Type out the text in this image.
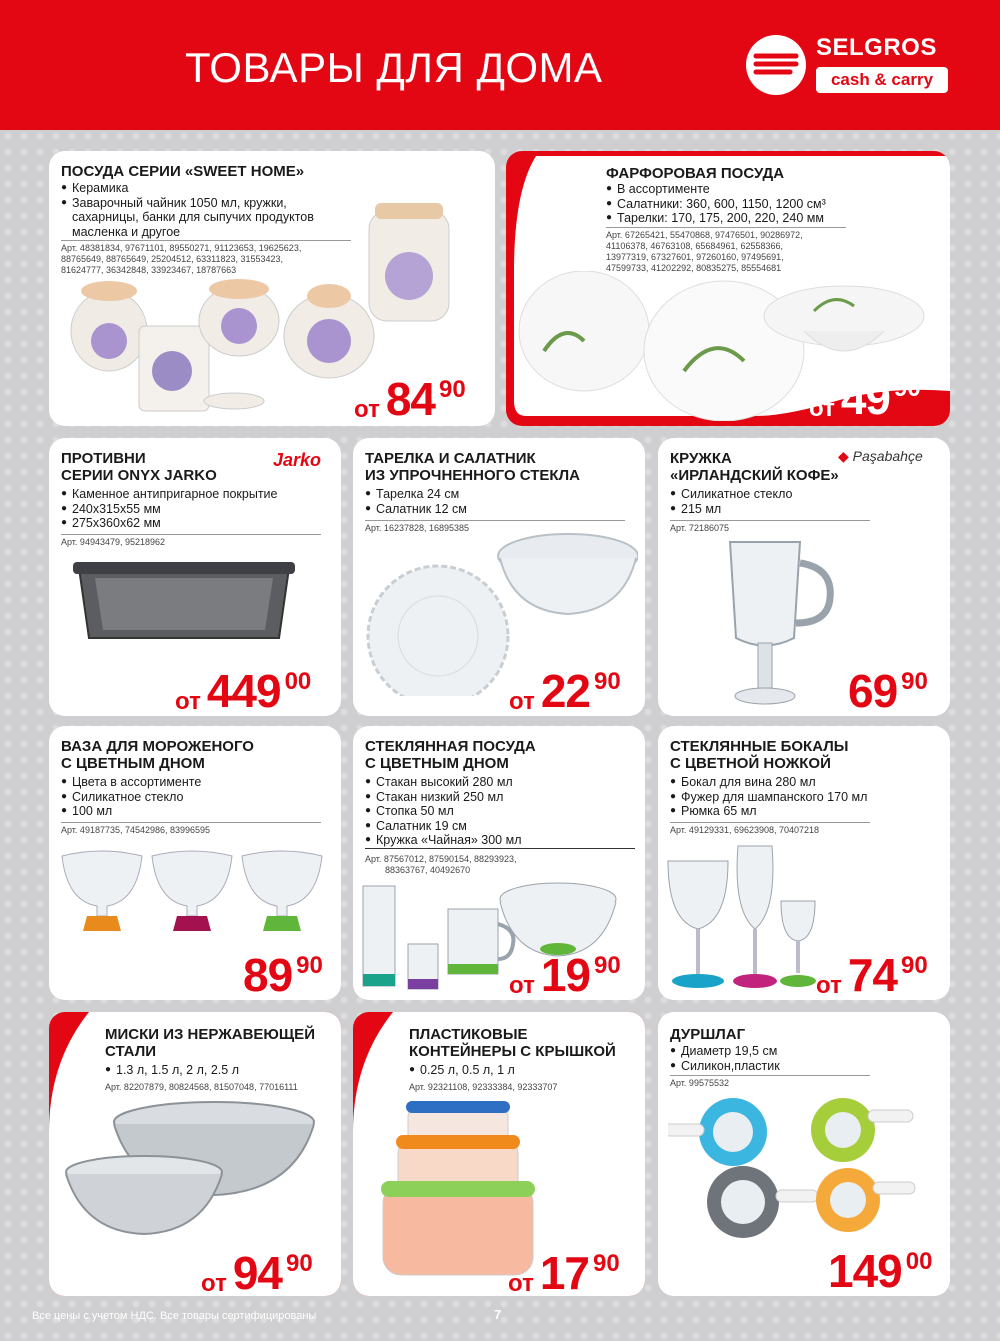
ТОВАРЫ ДЛЯ ДОМА	SELGROS
cash & carry
ПОСУДА СЕРИИ «SWEET HOME»
● Керамика
● Заварочный чайник 1050 мл, кружки, сахарницы, банки для сыпучих продуктов масленка и другое
Арт. 48381834, 97671101, 89550271, 91123653, 19625623,
88765649, 88765649, 25204512, 63311823, 31553423,
81624777, 36342848, 33923467, 18787663
от 84 90
ФАРФОРОВАЯ ПОСУДА
● В ассортименте
● Салатники: 360, 600, 1150, 1200 см³
● Тарелки: 170, 175, 200, 220, 240 мм
Арт. 67265421, 55470868, 97476501, 90286972,
41106378, 46763108, 65684961, 62558366,
13977319, 67327601, 97260160, 97495691,
47599733, 41202292, 80835275, 85554681
от 49 90
ПРОТИВНИ
СЕРИИ ONYX JARKO
Jarko
● Каменное антипригарное покрытие
● 240x315x55 мм
● 275x360x62 мм
Арт. 94943479, 95218962
от 449 00
ТАРЕЛКА И САЛАТНИК
ИЗ УПРОЧНЕННОГО СТЕКЛА
● Тарелка 24 см
● Салатник 12 см
Арт. 16237828, 16895385
от 22 90
КРУЖКА
«ИРЛАНДСКИЙ КОФЕ»
◆ Paşabahçe
● Силикатное стекло
● 215 мл
Арт. 72186075
69 90
ВАЗА ДЛЯ МОРОЖЕНОГО
С ЦВЕТНЫМ ДНОМ
● Цвета в ассортименте
● Силикатное стекло
● 100 мл
Арт. 49187735, 74542986, 83996595
89 90
СТЕКЛЯННАЯ ПОСУДА
С ЦВЕТНЫМ ДНОМ
● Стакан высокий 280 мл
● Стакан низкий 250 мл
● Стопка 50 мл
● Салатник 19 см
● Кружка «Чайная» 300 мл
Арт. 87567012, 87590154, 88293923,
88363767, 40492670
от 19 90
СТЕКЛЯННЫЕ БОКАЛЫ
С ЦВЕТНОЙ НОЖКОЙ
● Бокал для вина 280 мл
● Фужер для шампанского 170 мл
● Рюмка 65 мл
Арт. 49129331, 69623908, 70407218
от 74 90
МИСКИ ИЗ НЕРЖАВЕЮЩЕЙ
СТАЛИ
● 1.3 л, 1.5 л, 2 л, 2.5 л
Арт. 82207879, 80824568, 81507048, 77016111
от 94 90
ПЛАСТИКОВЫЕ
КОНТЕЙНЕРЫ С КРЫШКОЙ
● 0.25 л, 0.5 л, 1 л
Арт. 92321108, 92333384, 92333707
от 17 90
ДУРШЛАГ
● Диаметр 19,5 см
● Силикон,пластик
Арт. 99575532
149 00
Все цены с учетом НДС. Все товары сертифицированы	7
